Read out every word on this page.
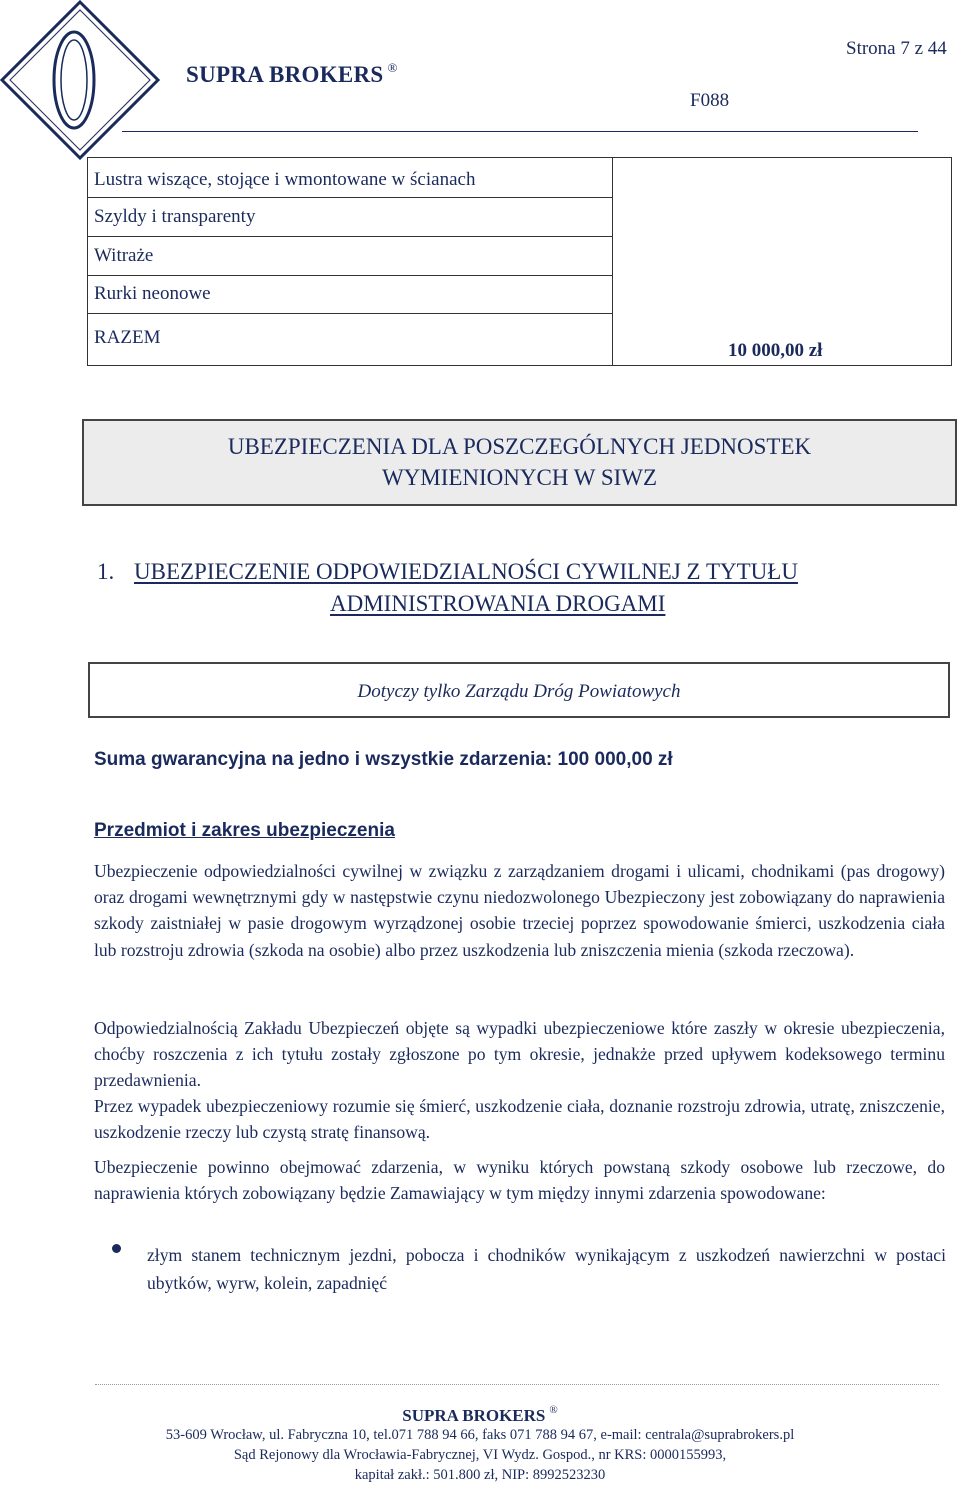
SUPRA BROKERS ®
Strona 7 z 44
F088
Lustra wiszące, stojące i wmontowane w ścianach
Szyldy i transparenty
Witraże
Rurki neonowe
RAZEM
10 000,00 zł
UBEZPIECZENIA DLA POSZCZEGÓLNYCH JEDNOSTEK
WYMIENIONYCH W SIWZ
1. UBEZPIECZENIE ODPOWIEDZIALNOŚCI CYWILNEJ Z TYTUŁU
ADMINISTROWANIA DROGAMI
Dotyczy tylko Zarządu Dróg Powiatowych
Suma gwarancyjna na jedno i wszystkie zdarzenia: 100 000,00 zł
Przedmiot i zakres ubezpieczenia
Ubezpieczenie odpowiedzialności cywilnej w związku z zarządzaniem drogami i ulicami, chodnikami (pas drogowy) oraz drogami wewnętrznymi gdy w następstwie czynu niedozwolonego Ubezpieczony jest zobowiązany do naprawienia szkody zaistniałej w pasie drogowym wyrządzonej osobie trzeciej poprzez spowodowanie śmierci, uszkodzenia ciała lub rozstroju zdrowia (szkoda na osobie) albo przez uszkodzenia lub zniszczenia mienia (szkoda rzeczowa).
Odpowiedzialnością Zakładu Ubezpieczeń objęte są wypadki ubezpieczeniowe które zaszły w okresie ubezpieczenia, choćby roszczenia z ich tytułu zostały zgłoszone po tym okresie, jednakże przed upływem kodeksowego terminu przedawnienia.
Przez wypadek ubezpieczeniowy rozumie się śmierć, uszkodzenie ciała, doznanie rozstroju zdrowia, utratę, zniszczenie, uszkodzenie rzeczy lub czystą stratę finansową.
Ubezpieczenie powinno obejmować zdarzenia, w wyniku których powstaną szkody osobowe lub rzeczowe, do naprawienia których zobowiązany będzie Zamawiający w tym między innymi zdarzenia spowodowane:
złym stanem technicznym jezdni, pobocza i chodników wynikającym z uszkodzeń nawierzchni w postaci ubytków, wyrw, kolein, zapadnięć
SUPRA BROKERS ®
53-609 Wrocław, ul. Fabryczna 10, tel.071 788 94 66, faks 071 788 94 67, e-mail: centrala@suprabrokers.pl
Sąd Rejonowy dla Wrocławia-Fabrycznej, VI Wydz. Gospod., nr KRS: 0000155993,
kapitał zakł.: 501.800 zł, NIP: 8992523230
